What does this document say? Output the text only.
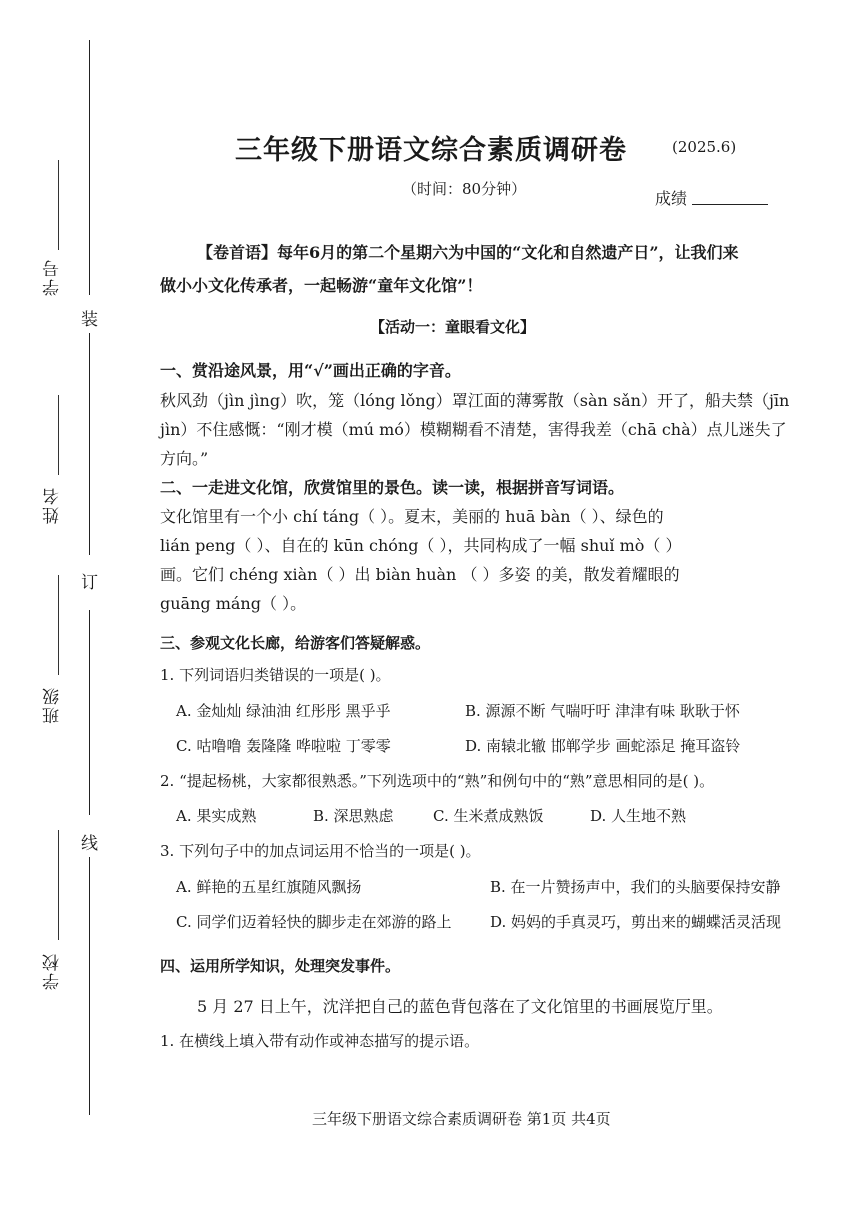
装
订
线
学号
姓名
班级
学校
三年级下册语文综合素质调研卷	(2025.6)
（时间：80分钟）	成绩
【卷首语】每年6月的第二个星期六为中国的“文化和自然遗产日”，让我们来
做小小文化传承者，一起畅游“童年文化馆”！
【活动一：童眼看文化】
一、赏沿途风景，用“√”画出正确的字音。
秋风劲（jìn jìng）吹，笼（lóng lǒng）罩江面的薄雾散（sàn sǎn）开了，船夫禁（jīn
jìn）不住感慨：“刚才模（mú mó）模糊糊看不清楚，害得我差（chā chà）点儿迷失了
方向。”
二、一走进文化馆，欣赏馆里的景色。读一读，根据拼音写词语。
文化馆里有一个小 chí táng（ ）。夏末，美丽的 huā bàn（ ）、绿色的
lián peng（ ）、自在的 kūn chóng（ ），共同构成了一幅 shuǐ mò（ ）
画。它们 chéng xiàn（ ）出 biàn huàn （ ）多姿 的美，散发着耀眼的
guāng máng（ ）。
三、参观文化长廊，给游客们答疑解惑。
1. 下列词语归类错误的一项是( )。
A. 金灿灿 绿油油 红彤彤 黑乎乎	B. 源源不断 气喘吁吁 津津有味 耿耿于怀
C. 咕噜噜 轰隆隆 哗啦啦 丁零零	D. 南辕北辙 邯郸学步 画蛇添足 掩耳盗铃
2. “提起杨桃，大家都很熟悉。”下列选项中的“熟”和例句中的“熟”意思相同的是( )。
A. 果实成熟	B. 深思熟虑	C. 生米煮成熟饭	D. 人生地不熟
3. 下列句子中的加点词运用不恰当的一项是( )。
A. 鲜艳的五星红旗随风飘扬	B. 在一片赞扬声中，我们的头脑要保持安静
C. 同学们迈着轻快的脚步走在郊游的路上	D. 妈妈的手真灵巧，剪出来的蝴蝶活灵活现
四、运用所学知识，处理突发事件。
5 月 27 日上午，沈洋把自己的蓝色背包落在了文化馆里的书画展览厅里。
1. 在横线上填入带有动作或神态描写的提示语。
三年级下册语文综合素质调研卷 第1页 共4页
